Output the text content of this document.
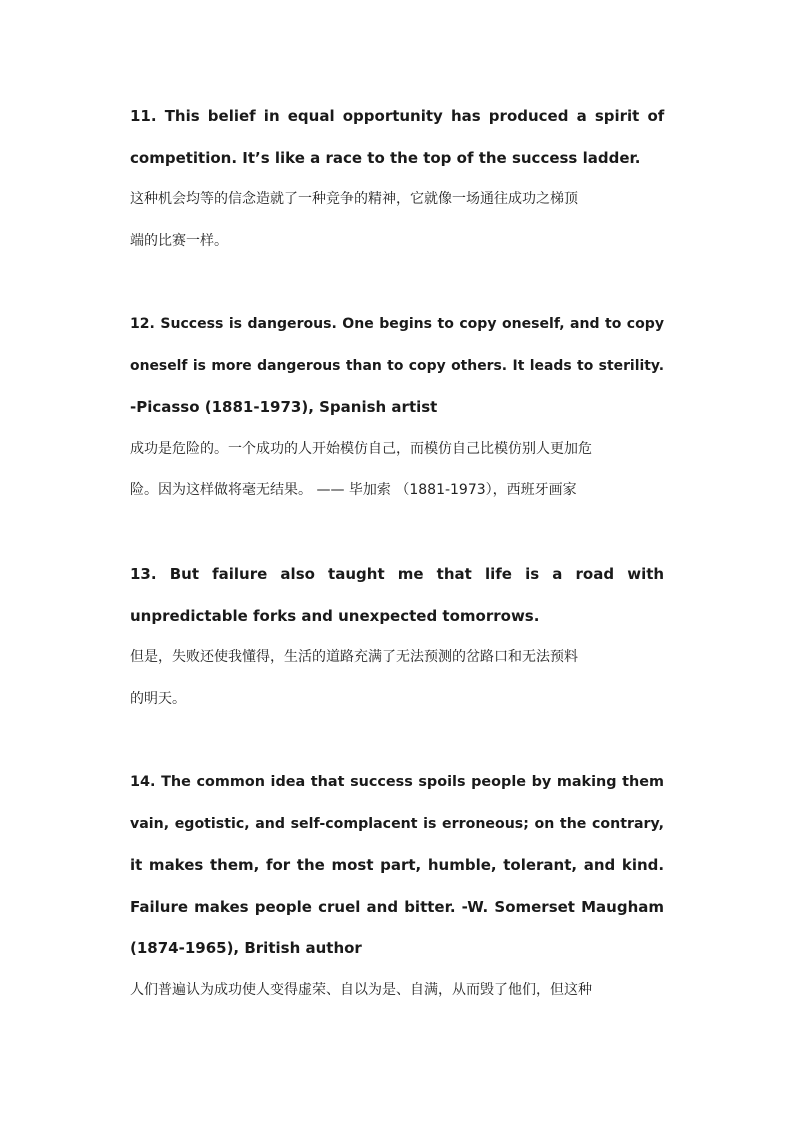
11. This belief in equal opportunity has produced a spirit of
competition. It’s like a race to the top of the success ladder.
这种机会均等的信念造就了一种竞争的精神，它就像一场通往成功之梯顶
端的比赛一样。
12. Success is dangerous. One begins to copy oneself, and to copy
oneself is more dangerous than to copy others. It leads to sterility.
-Picasso (1881-1973), Spanish artist
成功是危险的。一个成功的人开始模仿自己，而模仿自己比模仿别人更加危
险。因为这样做将毫无结果。 —— 毕加索 （1881-1973），西班牙画家
13. But failure also taught me that life is a road with
unpredictable forks and unexpected tomorrows.
但是，失败还使我懂得，生活的道路充满了无法预测的岔路口和无法预料
的明天。
14. The common idea that success spoils people by making them
vain, egotistic, and self-complacent is erroneous; on the contrary,
it makes them, for the most part, humble, tolerant, and kind.
Failure makes people cruel and bitter. -W. Somerset Maugham
(1874-1965), British author
人们普遍认为成功使人变得虚荣、自以为是、自满，从而毁了他们，但这种
